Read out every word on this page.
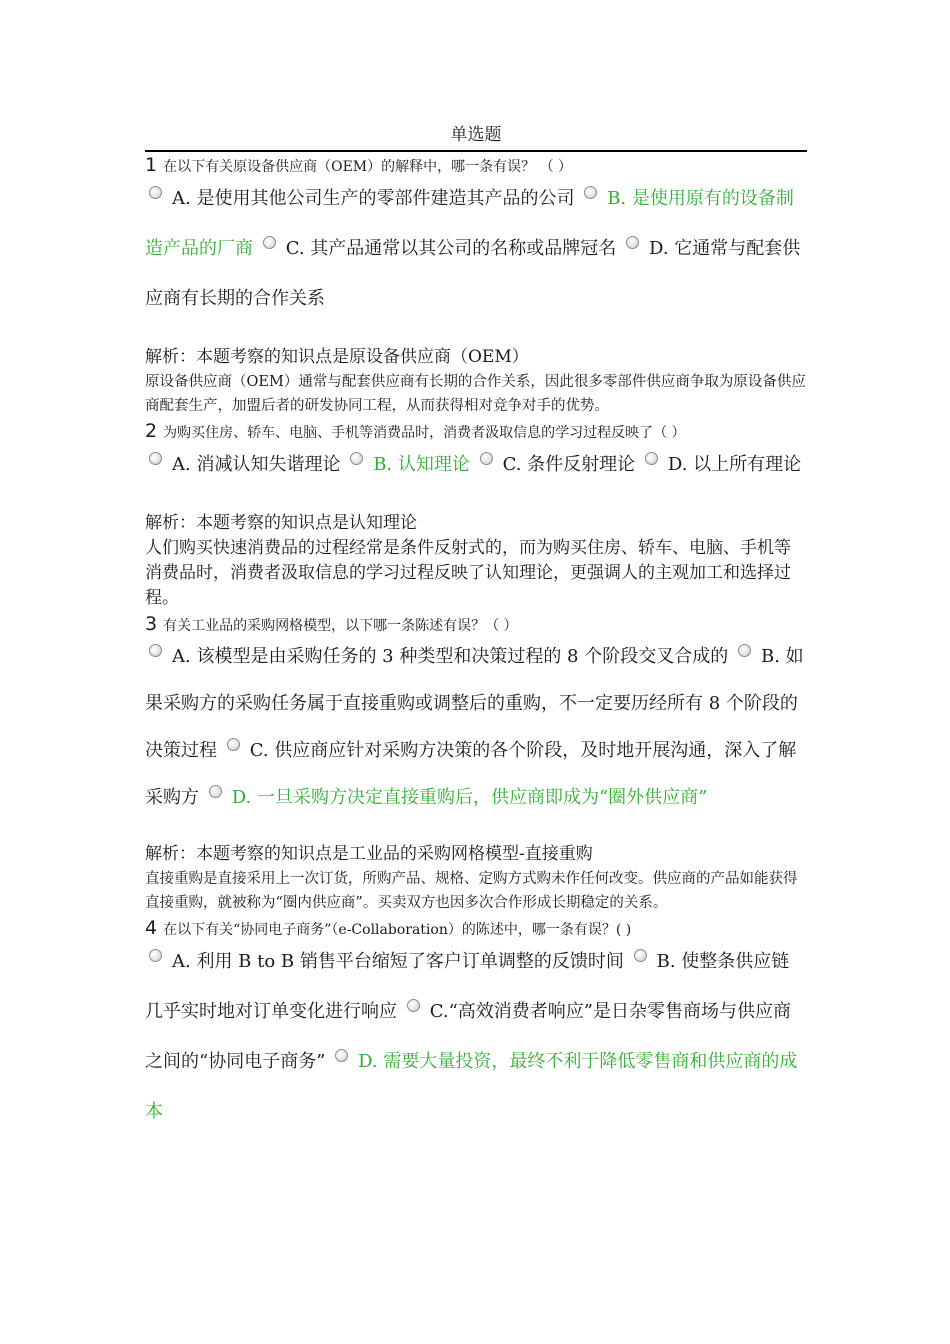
单选题
1 在以下有关原设备供应商（OEM）的解释中，哪一条有误？ （ ）
A. 是使用其他公司生产的零部件建造其产品的公司 B. 是使用原有的设备制造产品的厂商 C. 其产品通常以其公司的名称或品牌冠名 D. 它通常与配套供应商有长期的合作关系
解析：本题考察的知识点是原设备供应商（OEM）
原设备供应商（OEM）通常与配套供应商有长期的合作关系，因此很多零部件供应商争取为原设备供应商配套生产，加盟后者的研发协同工程，从而获得相对竞争对手的优势。
2 为购买住房、轿车、电脑、手机等消费品时，消费者汲取信息的学习过程反映了（ ）
A. 消减认知失谐理论 B. 认知理论 C. 条件反射理论 D. 以上所有理论
解析：本题考察的知识点是认知理论
人们购买快速消费品的过程经常是条件反射式的，而为购买住房、轿车、电脑、手机等消费品时，消费者汲取信息的学习过程反映了认知理论，更强调人的主观加工和选择过程。
3 有关工业品的采购网格模型，以下哪一条陈述有误？（ ）
A. 该模型是由采购任务的 3 种类型和决策过程的 8 个阶段交叉合成的 B. 如果采购方的采购任务属于直接重购或调整后的重购，不一定要历经所有 8 个阶段的决策过程 C. 供应商应针对采购方决策的各个阶段，及时地开展沟通，深入了解采购方 D. 一旦采购方决定直接重购后，供应商即成为“圈外供应商”
解析：本题考察的知识点是工业品的采购网格模型-直接重购
直接重购是直接采用上一次订货，所购产品、规格、定购方式购未作任何改变。供应商的产品如能获得直接重购，就被称为“圈内供应商”。买卖双方也因多次合作形成长期稳定的关系。
4 在以下有关“协同电子商务”（e-Collaboration）的陈述中，哪一条有误？( )
A. 利用 B to B 销售平台缩短了客户订单调整的反馈时间 B. 使整条供应链几乎实时地对订单变化进行响应 C.“高效消费者响应”是日杂零售商场与供应商之间的“协同电子商务” D. 需要大量投资，最终不利于降低零售商和供应商的成本
